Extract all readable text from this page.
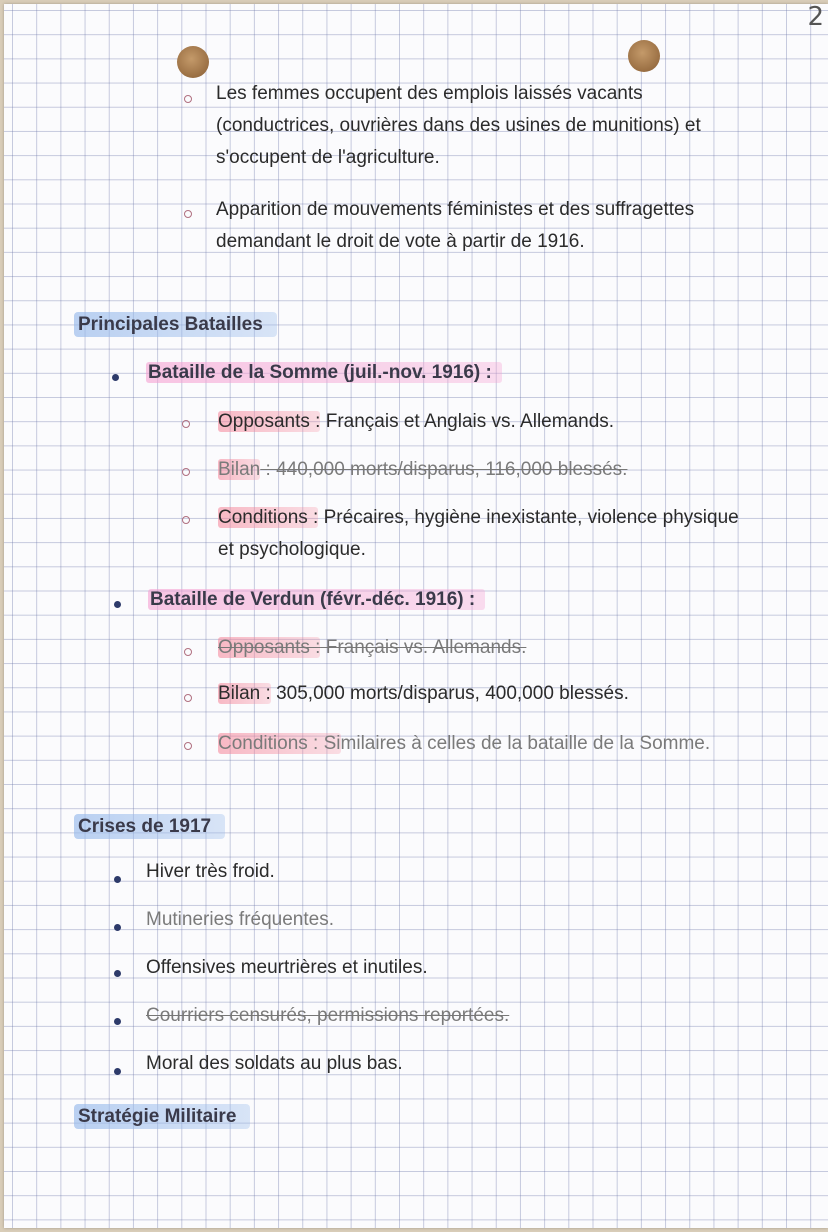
2
Les femmes occupent des emplois laissés vacants (conductrices, ouvrières dans des usines de munitions) et s'occupent de l'agriculture.
Apparition de mouvements féministes et des suffragettes demandant le droit de vote à partir de 1916.
Principales Batailles
Bataille de la Somme (juil.-nov. 1916) :
Opposants : Français et Anglais vs. Allemands.
Bilan : 440,000 morts/disparus, 116,000 blessés.
Conditions : Précaires, hygiène inexistante, violence physique et psychologique.
Bataille de Verdun (févr.-déc. 1916) :
Opposants : Français vs. Allemands.
Bilan : 305,000 morts/disparus, 400,000 blessés.
Conditions : Similaires à celles de la bataille de la Somme.
Crises de 1917
Hiver très froid.
Mutineries fréquentes.
Offensives meurtrières et inutiles.
Courriers censurés, permissions reportées.
Moral des soldats au plus bas.
Stratégie Militaire
